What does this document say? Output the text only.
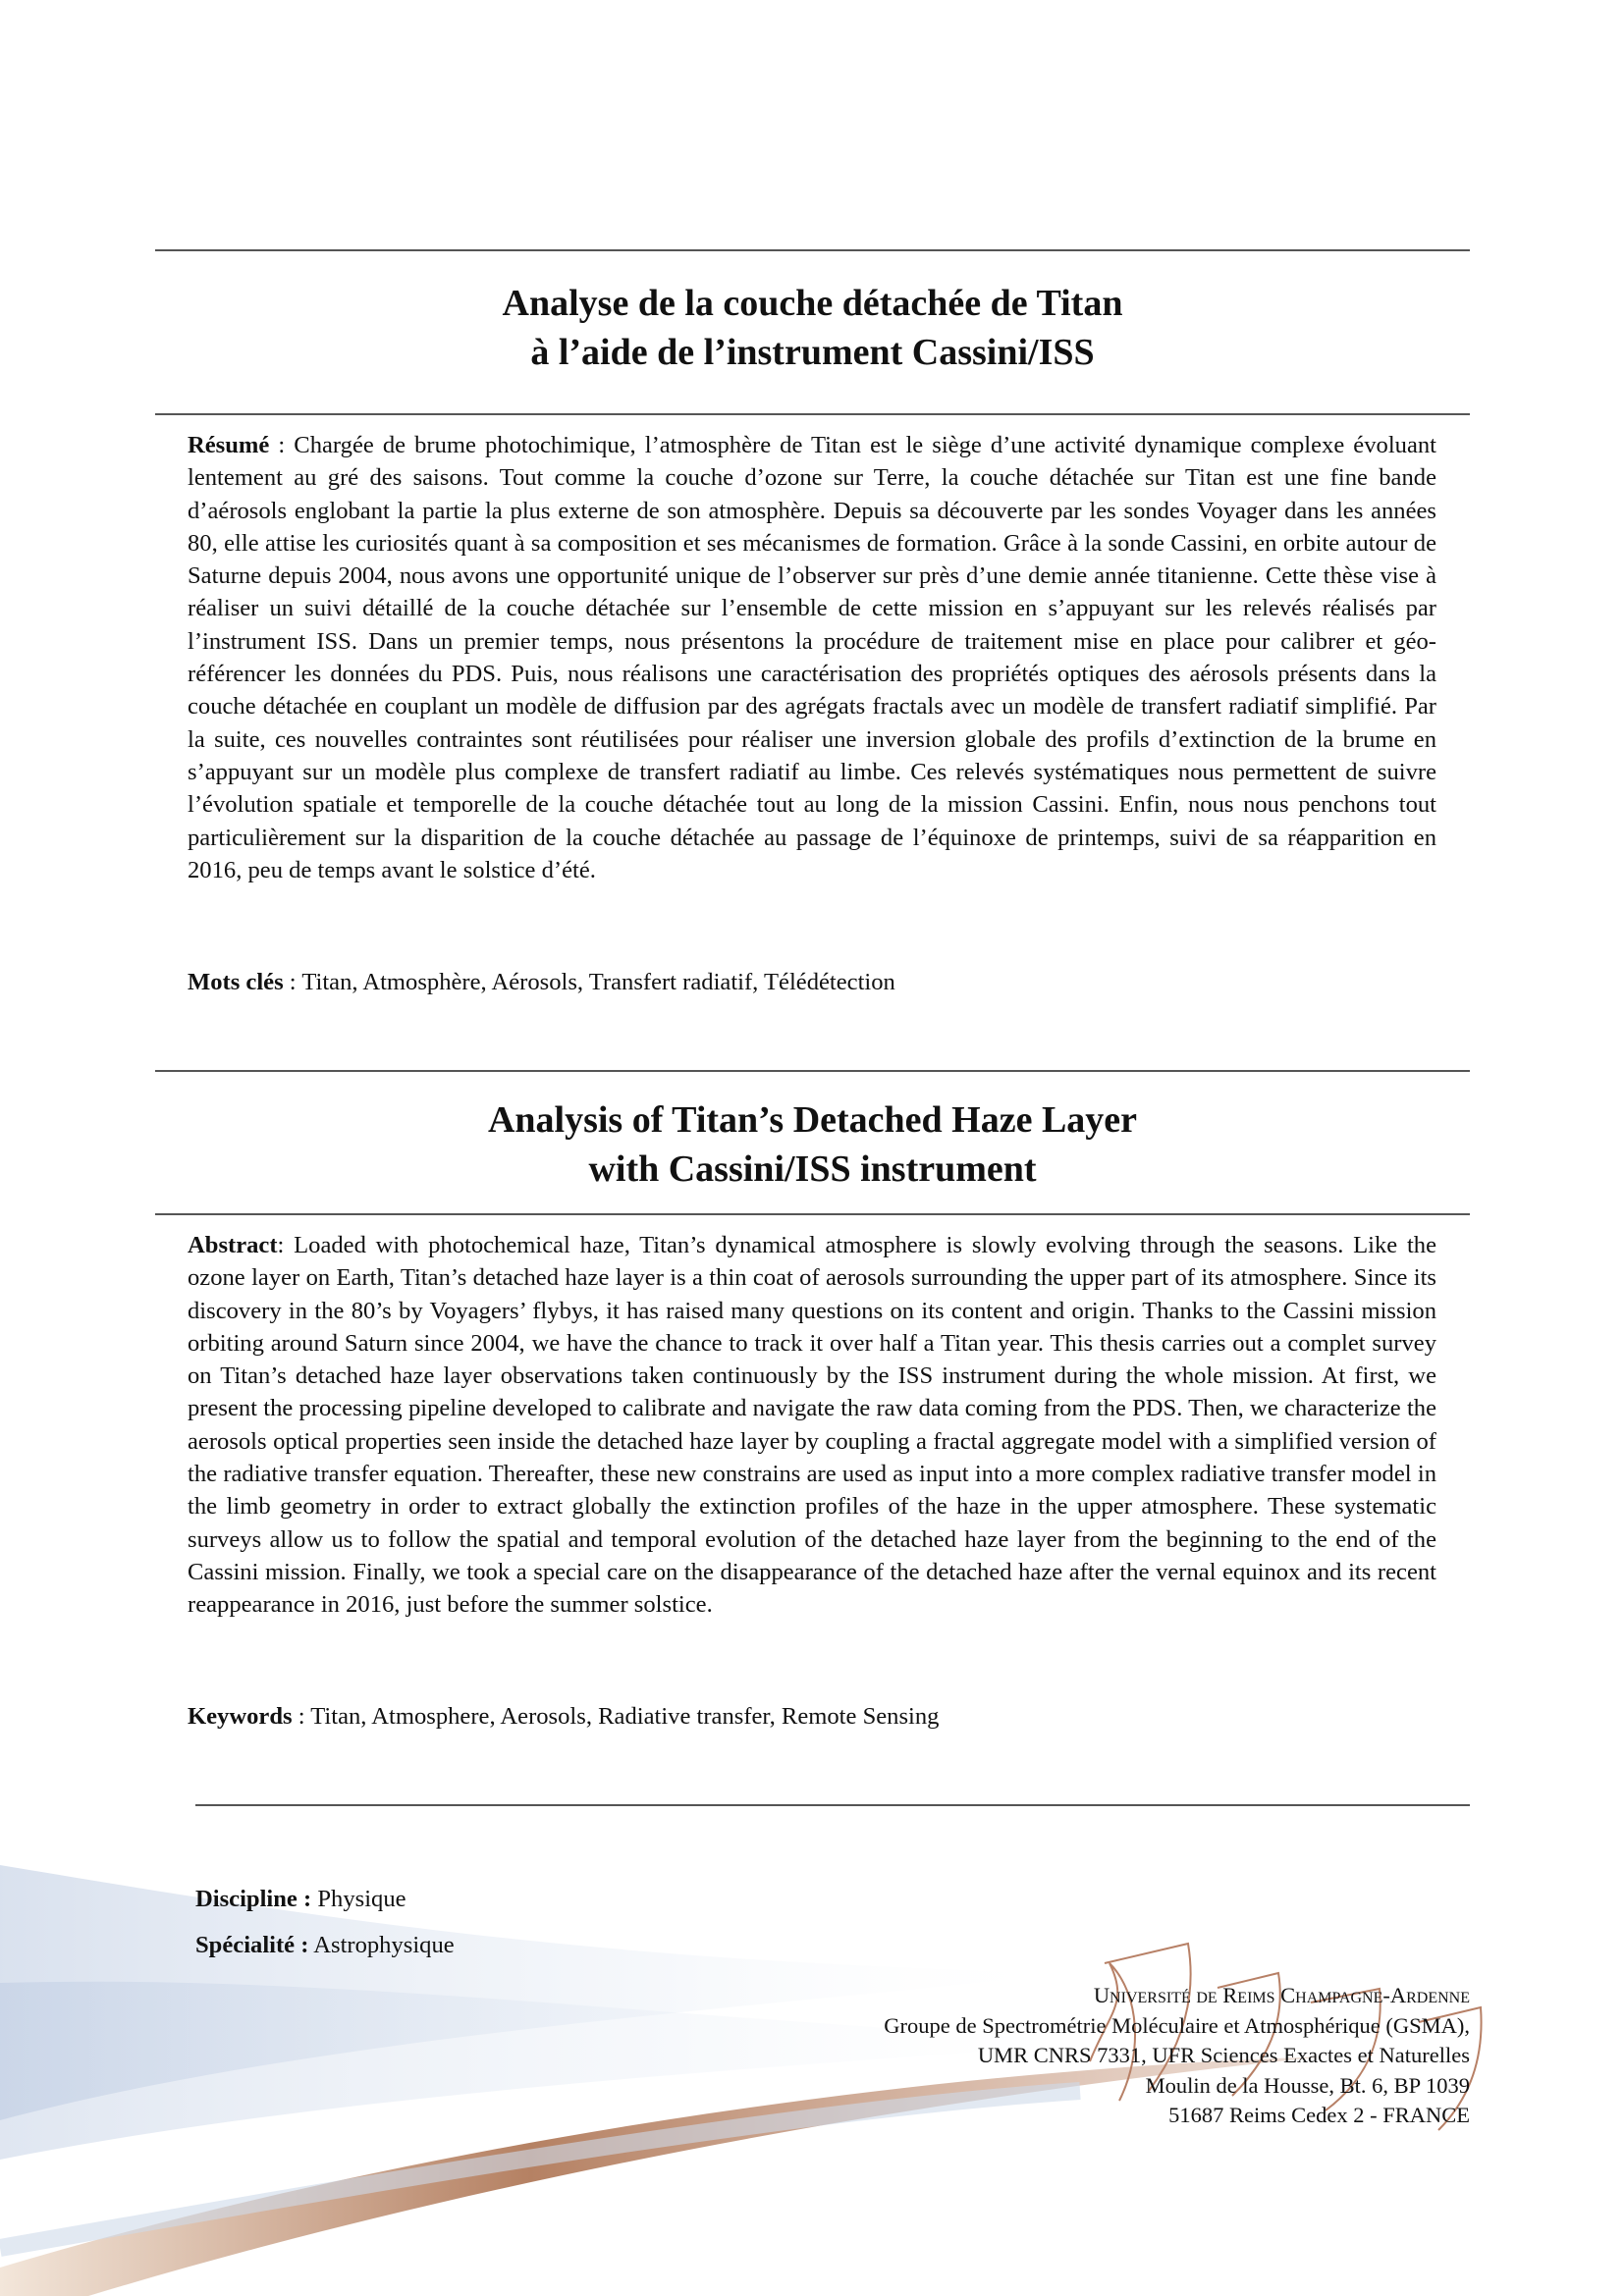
Analyse de la couche détachée de Titan
à l’aide de l’instrument Cassini/ISS
Résumé : Chargée de brume photochimique, l’atmosphère de Titan est le siège d’une activité dynamique complexe évoluant lentement au gré des saisons. Tout comme la couche d’ozone sur Terre, la couche détachée sur Titan est une fine bande d’aérosols englobant la partie la plus externe de son atmosphère. Depuis sa découverte par les sondes Voyager dans les années 80, elle attise les curiosités quant à sa composition et ses mécanismes de formation. Grâce à la sonde Cassini, en orbite autour de Saturne depuis 2004, nous avons une opportunité unique de l’observer sur près d’une demie année titanienne. Cette thèse vise à réaliser un suivi détaillé de la couche détachée sur l’ensemble de cette mission en s’appuyant sur les relevés réalisés par l’instrument ISS. Dans un premier temps, nous présentons la procédure de traitement mise en place pour calibrer et géo-référencer les données du PDS. Puis, nous réalisons une caractérisation des propriétés optiques des aérosols présents dans la couche détachée en couplant un modèle de diffusion par des agrégats fractals avec un modèle de transfert radiatif simplifié. Par la suite, ces nouvelles contraintes sont réutilisées pour réaliser une inversion globale des profils d’extinction de la brume en s’appuyant sur un modèle plus complexe de transfert radiatif au limbe. Ces relevés systématiques nous permettent de suivre l’évolution spatiale et temporelle de la couche détachée tout au long de la mission Cassini. Enfin, nous nous penchons tout particulièrement sur la disparition de la couche détachée au passage de l’équinoxe de printemps, suivi de sa réapparition en 2016, peu de temps avant le solstice d’été.
Mots clés : Titan, Atmosphère, Aérosols, Transfert radiatif, Télédétection
Analysis of Titan’s Detached Haze Layer
with Cassini/ISS instrument
Abstract: Loaded with photochemical haze, Titan’s dynamical atmosphere is slowly evolving through the seasons. Like the ozone layer on Earth, Titan’s detached haze layer is a thin coat of aerosols surrounding the upper part of its atmosphere. Since its discovery in the 80’s by Voyagers’ flybys, it has raised many questions on its content and origin. Thanks to the Cassini mission orbiting around Saturn since 2004, we have the chance to track it over half a Titan year. This thesis carries out a complet survey on Titan’s detached haze layer observations taken continuously by the ISS instrument during the whole mission. At first, we present the processing pipeline developed to calibrate and navigate the raw data coming from the PDS. Then, we characterize the aerosols optical properties seen inside the detached haze layer by coupling a fractal aggregate model with a simplified version of the radiative transfer equation. Thereafter, these new constrains are used as input into a more complex radiative transfer model in the limb geometry in order to extract globally the extinction profiles of the haze in the upper atmosphere. These systematic surveys allow us to follow the spatial and temporal evolution of the detached haze layer from the beginning to the end of the Cassini mission. Finally, we took a special care on the disappearance of the detached haze after the vernal equinox and its recent reappearance in 2016, just before the summer solstice.
Keywords : Titan, Atmosphere, Aerosols, Radiative transfer, Remote Sensing
Discipline : Physique
Spécialité : Astrophysique
Université de Reims Champagne-Ardenne
Groupe de Spectrométrie Moléculaire et Atmosphérique (GSMA),
UMR CNRS 7331, UFR Sciences Exactes et Naturelles
Moulin de la Housse, Bt. 6, BP 1039
51687 Reims Cedex 2 - FRANCE
